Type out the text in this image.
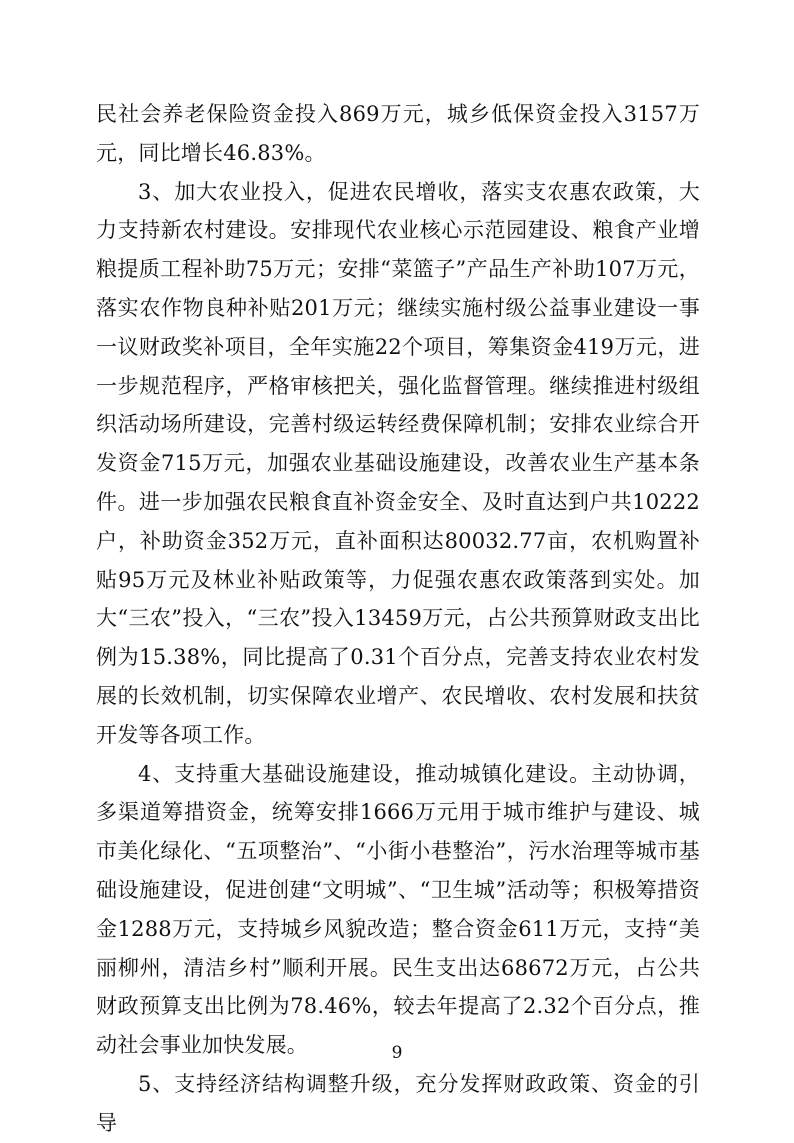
民社会养老保险资金投入869万元，城乡低保资金投入3157万元，同比增长46.83%。

3、加大农业投入，促进农民增收，落实支农惠农政策，大力支持新农村建设。安排现代农业核心示范园建设、粮食产业增粮提质工程补助75万元；安排“菜篮子”产品生产补助107万元，落实农作物良种补贴201万元；继续实施村级公益事业建设一事一议财政奖补项目，全年实施22个项目，筹集资金419万元，进一步规范程序，严格审核把关，强化监督管理。继续推进村级组织活动场所建设，完善村级运转经费保障机制；安排农业综合开发资金715万元，加强农业基础设施建设，改善农业生产基本条件。进一步加强农民粮食直补资金安全、及时直达到户共10222户，补助资金352万元，直补面积达80032.77亩，农机购置补贴95万元及林业补贴政策等，力促强农惠农政策落到实处。加大“三农”投入，“三农”投入13459万元，占公共预算财政支出比例为15.38%，同比提高了0.31个百分点，完善支持农业农村发展的长效机制，切实保障农业增产、农民增收、农村发展和扶贫开发等各项工作。

4、支持重大基础设施建设，推动城镇化建设。主动协调，多渠道筹措资金，统筹安排1666万元用于城市维护与建设、城市美化绿化、“五项整治”、“小街小巷整治”，污水治理等城市基础设施建设，促进创建“文明城”、“卫生城”活动等；积极筹措资金1288万元，支持城乡风貌改造；整合资金611万元，支持“美丽柳州，清洁乡村”顺利开展。民生支出达68672万元，占公共财政预算支出比例为78.46%，较去年提高了2.32个百分点，推动社会事业加快发展。

5、支持经济结构调整升级，充分发挥财政政策、资金的引导

9
